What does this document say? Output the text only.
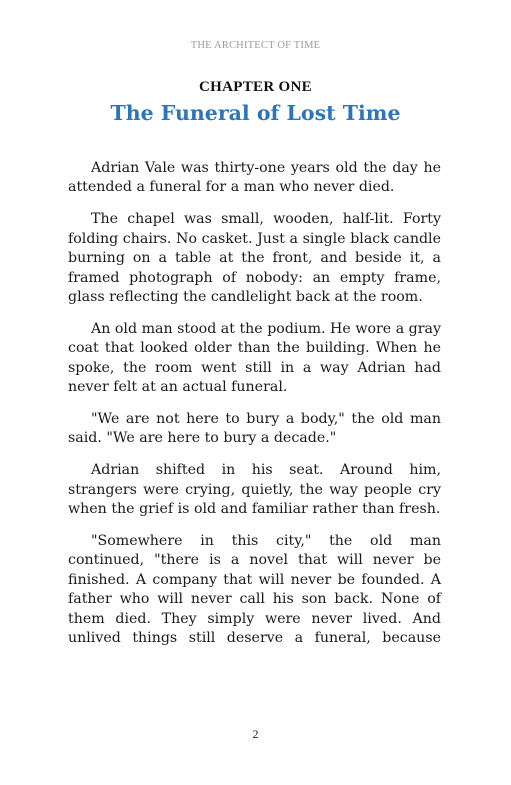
THE ARCHITECT OF TIME
CHAPTER ONE
The Funeral of Lost Time

Adrian Vale was thirty-one years old the day he attended a funeral for a man who never died.

The chapel was small, wooden, half-lit. Forty folding chairs. No casket. Just a single black candle burning on a table at the front, and beside it, a framed photograph of nobody: an empty frame, glass reflecting the candlelight back at the room.

An old man stood at the podium. He wore a gray coat that looked older than the building. When he spoke, the room went still in a way Adrian had never felt at an actual funeral.

"We are not here to bury a body," the old man said. "We are here to bury a decade."

Adrian shifted in his seat. Around him, strangers were crying, quietly, the way people cry when the grief is old and familiar rather than fresh.

"Somewhere in this city," the old man continued, "there is a novel that will never be finished. A company that will never be founded. A father who will never call his son back. None of them died. They simply were never lived. And unlived things still deserve a funeral, because

2
